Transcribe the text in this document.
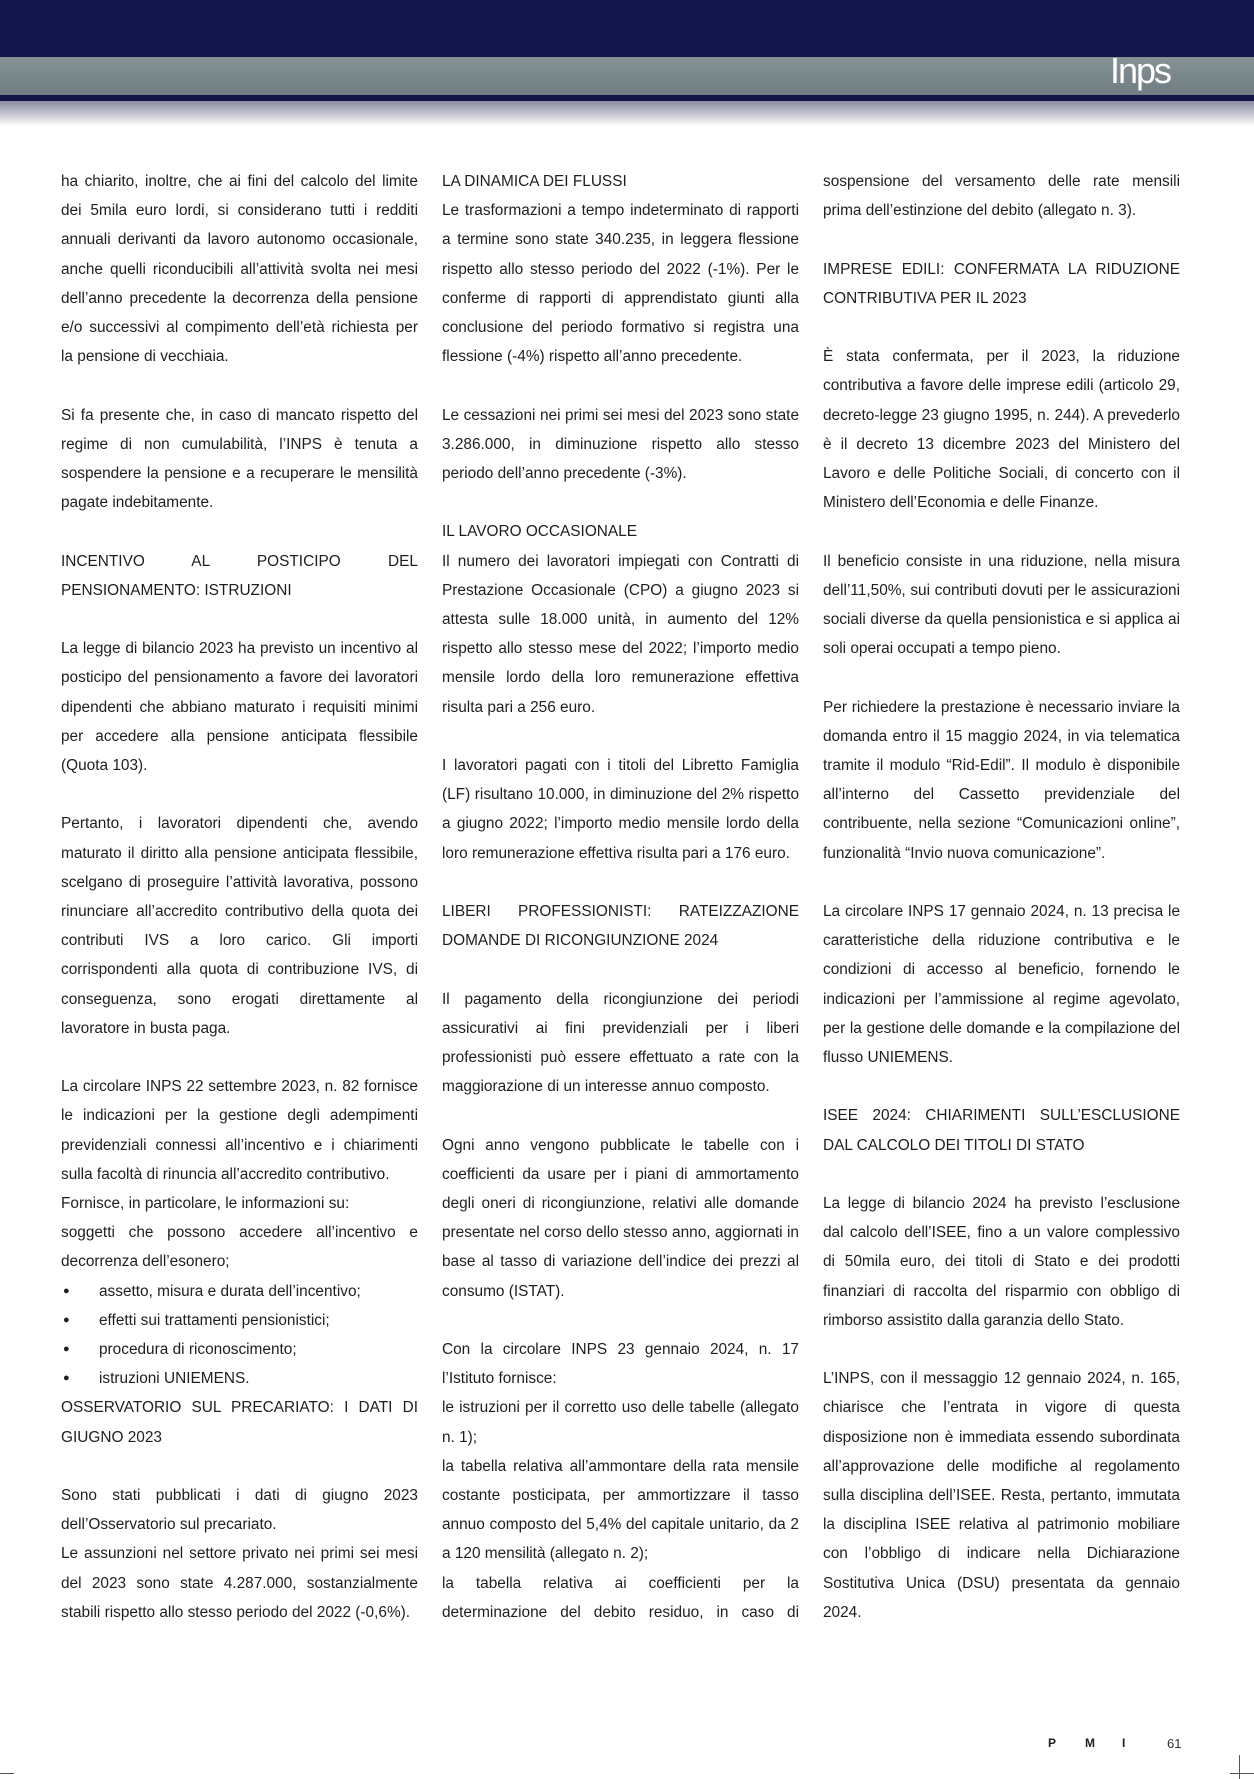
Inps

ha chiarito, inoltre, che ai fini del calcolo del limite dei 5mila euro lordi, si considerano tutti i redditi annuali derivanti da lavoro autonomo occasionale, anche quelli riconducibili all’attività svolta nei mesi dell’anno precedente la decorrenza della pensione e/o successivi al compimento dell’età richiesta per la pensione di vecchiaia.

Si fa presente che, in caso di mancato rispetto del regime di non cumulabilità, l’INPS è tenuta a sospendere la pensione e a recuperare le mensilità pagate indebitamente.

INCENTIVO AL POSTICIPO DEL PENSIONAMENTO: ISTRUZIONI

La legge di bilancio 2023 ha previsto un incentivo al posticipo del pensionamento a favore dei lavoratori dipendenti che abbiano maturato i requisiti minimi per accedere alla pensione anticipata flessibile (Quota 103).

Pertanto, i lavoratori dipendenti che, avendo maturato il diritto alla pensione anticipata flessibile, scelgano di proseguire l’attività lavorativa, possono rinunciare all’accredito contributivo della quota dei contributi IVS a loro carico. Gli importi corrispondenti alla quota di contribuzione IVS, di conseguenza, sono erogati direttamente al lavoratore in busta paga.

La circolare INPS 22 settembre 2023, n. 82 fornisce le indicazioni per la gestione degli adempimenti previdenziali connessi all’incentivo e i chiarimenti sulla facoltà di rinuncia all’accredito contributivo.

Fornisce, in particolare, le informazioni su:

soggetti che possono accedere all’incentivo e decorrenza dell’esonero;

● assetto, misura e durata dell’incentivo;
● effetti sui trattamenti pensionistici;
● procedura di riconoscimento;
● istruzioni UNIEMENS.

OSSERVATORIO SUL PRECARIATO: I DATI DI GIUGNO 2023

Sono stati pubblicati i dati di giugno 2023 dell’Osservatorio sul precariato.

Le assunzioni nel settore privato nei primi sei mesi del 2023 sono state 4.287.000, sostanzialmente stabili rispetto allo stesso periodo del 2022 (-0,6%).

LA DINAMICA DEI FLUSSI

Le trasformazioni a tempo indeterminato di rapporti a termine sono state 340.235, in leggera flessione rispetto allo stesso periodo del 2022 (-1%). Per le conferme di rapporti di apprendistato giunti alla conclusione del periodo formativo si registra una flessione (-4%) rispetto all’anno precedente.

Le cessazioni nei primi sei mesi del 2023 sono state 3.286.000, in diminuzione rispetto allo stesso periodo dell’anno precedente (-3%).

IL LAVORO OCCASIONALE

Il numero dei lavoratori impiegati con Contratti di Prestazione Occasionale (CPO) a giugno 2023 si attesta sulle 18.000 unità, in aumento del 12% rispetto allo stesso mese del 2022; l’importo medio mensile lordo della loro remunerazione effettiva risulta pari a 256 euro.

I lavoratori pagati con i titoli del Libretto Famiglia (LF) risultano 10.000, in diminuzione del 2% rispetto a giugno 2022; l’importo medio mensile lordo della loro remunerazione effettiva risulta pari a 176 euro.

LIBERI PROFESSIONISTI: RATEIZZAZIONE DOMANDE DI RICONGIUNZIONE 2024

Il pagamento della ricongiunzione dei periodi assicurativi ai fini previdenziali per i liberi professionisti può essere effettuato a rate con la maggiorazione di un interesse annuo composto.

Ogni anno vengono pubblicate le tabelle con i coefficienti da usare per i piani di ammortamento degli oneri di ricongiunzione, relativi alle domande presentate nel corso dello stesso anno, aggiornati in base al tasso di variazione dell’indice dei prezzi al consumo (ISTAT).

Con la circolare INPS 23 gennaio 2024, n. 17 l’Istituto fornisce:

le istruzioni per il corretto uso delle tabelle (allegato n. 1);

la tabella relativa all’ammontare della rata mensile costante posticipata, per ammortizzare il tasso annuo composto del 5,4% del capitale unitario, da 2 a 120 mensilità (allegato n. 2);

la tabella relativa ai coefficienti per la determinazione del debito residuo, in caso di

sospensione del versamento delle rate mensili prima dell’estinzione del debito (allegato n. 3).

IMPRESE EDILI: CONFERMATA LA RIDUZIONE CONTRIBUTIVA PER IL 2023

È stata confermata, per il 2023, la riduzione contributiva a favore delle imprese edili (articolo 29, decreto-legge 23 giugno 1995, n. 244). A prevederlo è il decreto 13 dicembre 2023 del Ministero del Lavoro e delle Politiche Sociali, di concerto con il Ministero dell’Economia e delle Finanze.

Il beneficio consiste in una riduzione, nella misura dell’11,50%, sui contributi dovuti per le assicurazioni sociali diverse da quella pensionistica e si applica ai soli operai occupati a tempo pieno.

Per richiedere la prestazione è necessario inviare la domanda entro il 15 maggio 2024, in via telematica tramite il modulo “Rid-Edil”. Il modulo è disponibile all’interno del Cassetto previdenziale del contribuente, nella sezione “Comunicazioni online”, funzionalità “Invio nuova comunicazione”.

La circolare INPS 17 gennaio 2024, n. 13 precisa le caratteristiche della riduzione contributiva e le condizioni di accesso al beneficio, fornendo le indicazioni per l’ammissione al regime agevolato, per la gestione delle domande e la compilazione del flusso UNIEMENS.

ISEE 2024: CHIARIMENTI SULL’ESCLUSIONE DAL CALCOLO DEI TITOLI DI STATO

La legge di bilancio 2024 ha previsto l’esclusione dal calcolo dell’ISEE, fino a un valore complessivo di 50mila euro, dei titoli di Stato e dei prodotti finanziari di raccolta del risparmio con obbligo di rimborso assistito dalla garanzia dello Stato.

L’INPS, con il messaggio 12 gennaio 2024, n. 165, chiarisce che l’entrata in vigore di questa disposizione non è immediata essendo subordinata all’approvazione delle modifiche al regolamento sulla disciplina dell’ISEE. Resta, pertanto, immutata la disciplina ISEE relativa al patrimonio mobiliare con l’obbligo di indicare nella Dichiarazione Sostitutiva Unica (DSU) presentata da gennaio 2024.

P M I	61
